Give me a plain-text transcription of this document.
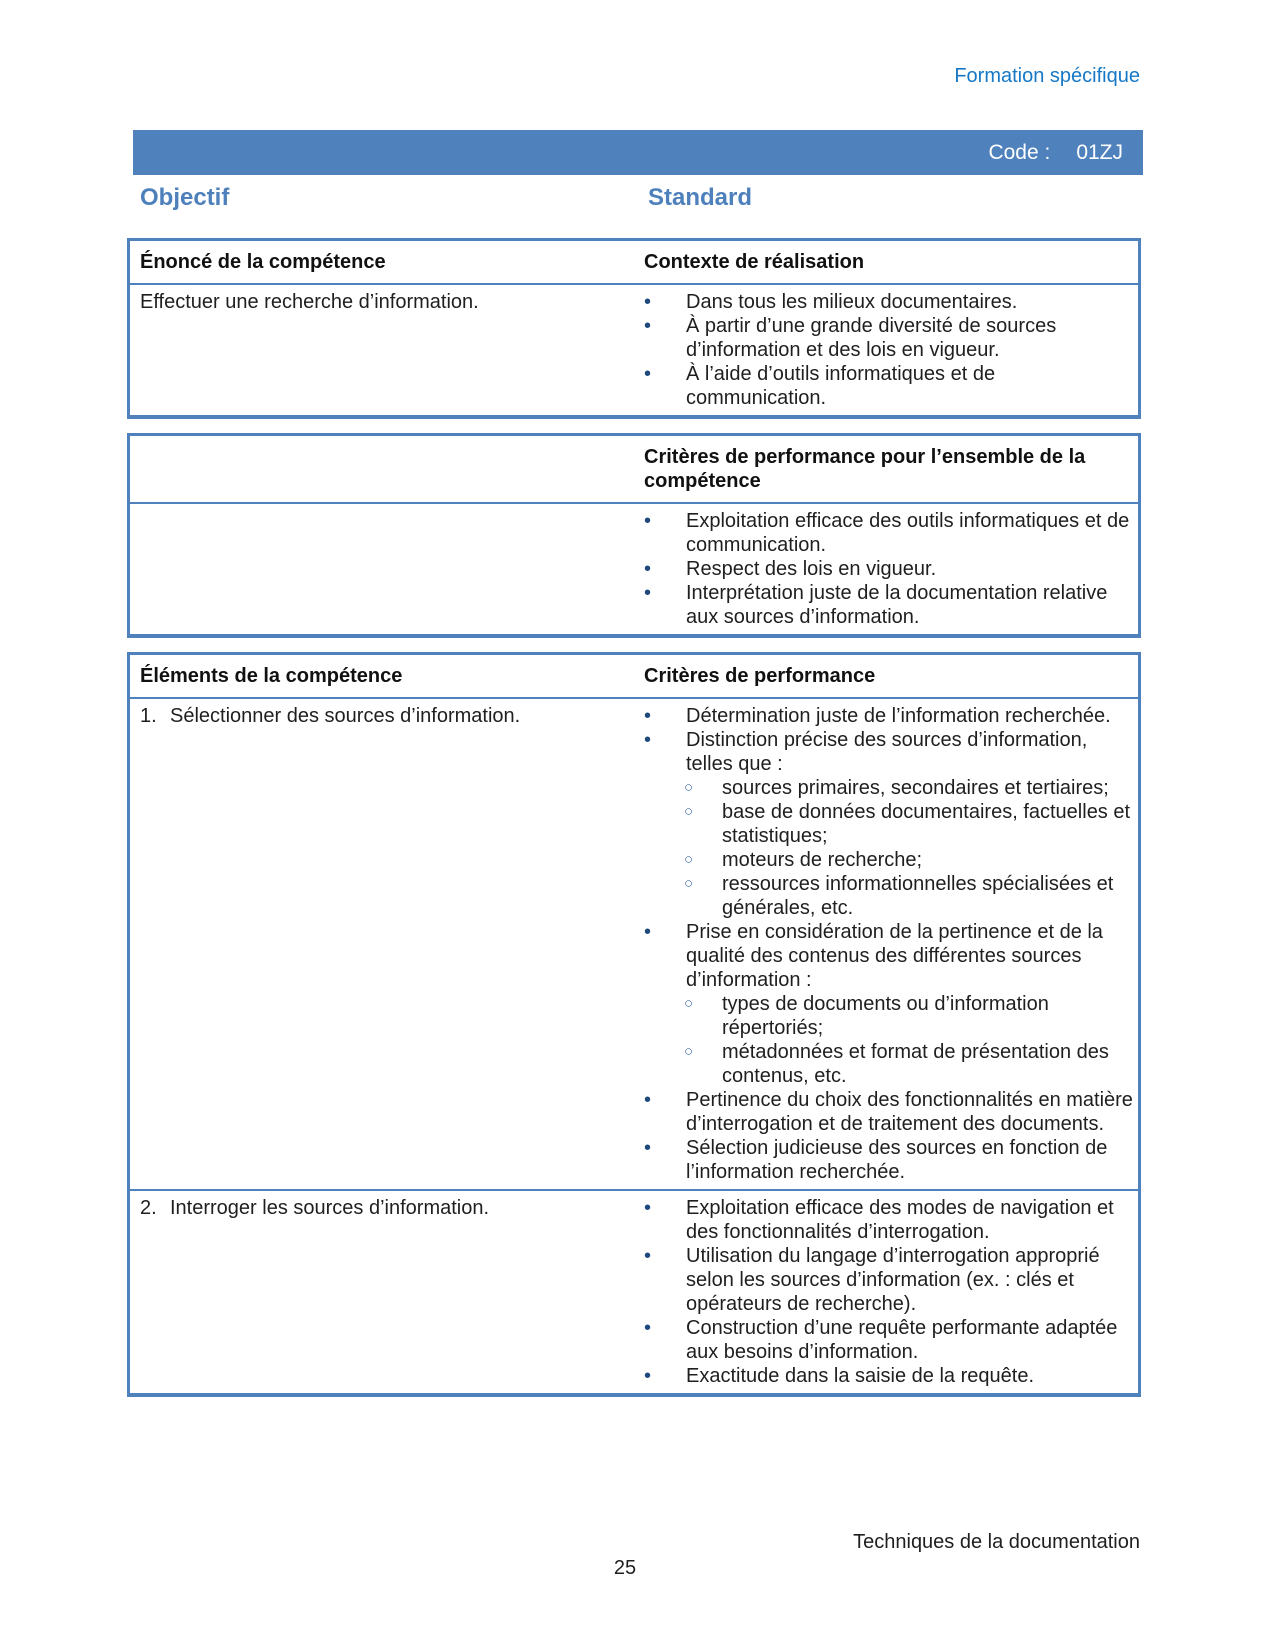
Formation spécifique
Code : 01ZJ
Objectif	Standard
Énoncé de la compétence	Contexte de réalisation
Effectuer une recherche d’information.	•	Dans tous les milieux documentaires.
•	À partir d’une grande diversité de sources d’information et des lois en vigueur.
•	À l’aide d’outils informatiques et de communication.
Critères de performance pour l’ensemble de la compétence
•	Exploitation efficace des outils informatiques et de communication.
•	Respect des lois en vigueur.
•	Interprétation juste de la documentation relative aux sources d’information.
Éléments de la compétence	Critères de performance
1. Sélectionner des sources d’information.	•	Détermination juste de l’information recherchée.
•	Distinction précise des sources d’information, telles que :
○	sources primaires, secondaires et tertiaires;
○	base de données documentaires, factuelles et statistiques;
○	moteurs de recherche;
○	ressources informationnelles spécialisées et générales, etc.
•	Prise en considération de la pertinence et de la qualité des contenus des différentes sources d’information :
○	types de documents ou d’information répertoriés;
○	métadonnées et format de présentation des contenus, etc.
•	Pertinence du choix des fonctionnalités en matière d’interrogation et de traitement des documents.
•	Sélection judicieuse des sources en fonction de l’information recherchée.
2. Interroger les sources d’information.	•	Exploitation efficace des modes de navigation et des fonctionnalités d’interrogation.
•	Utilisation du langage d’interrogation approprié selon les sources d’information (ex. : clés et opérateurs de recherche).
•	Construction d’une requête performante adaptée aux besoins d’information.
•	Exactitude dans la saisie de la requête.
Techniques de la documentation
25
